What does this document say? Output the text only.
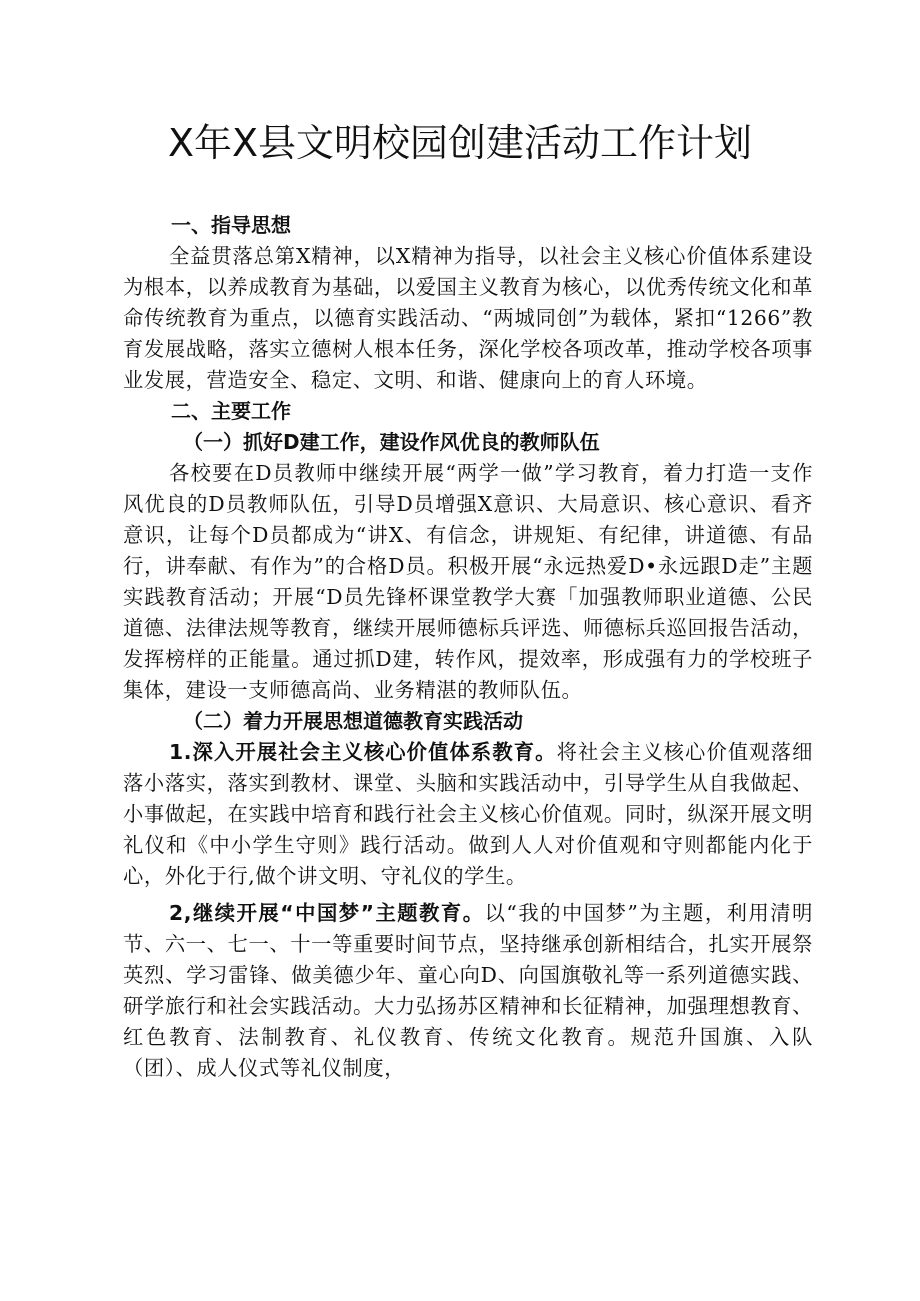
X年X县文明校园创建活动工作计划
一、指导思想
全益贯落总第X精神，以X精神为指导，以社会主义核心价值体系建设为根本，以养成教育为基础，以爱国主义教育为核心，以优秀传统文化和革命传统教育为重点，以德育实践活动、“两城同创”为载体，紧扣“1266”教育发展战略，落实立德树人根本任务，深化学校各项改革，推动学校各项事业发展，营造安全、稳定、文明、和谐、健康向上的育人环境。
二、主要工作
（一）抓好D建工作，建设作风优良的教师队伍
各校要在D员教师中继续开展“两学一做”学习教育，着力打造一支作风优良的D员教师队伍，引导D员增强X意识、大局意识、核心意识、看齐意识，让每个D员都成为“讲X、有信念，讲规矩、有纪律，讲道德、有品行，讲奉献、有作为”的合格D员。积极开展“永远热爱D•永远跟D走”主题实践教育活动；开展“D员先锋杯课堂教学大赛「加强教师职业道德、公民道德、法律法规等教育，继续开展师德标兵评选、师德标兵巡回报告活动，发挥榜样的正能量。通过抓D建，转作风，提效率，形成强有力的学校班子集体，建设一支师德高尚、业务精湛的教师队伍。
（二）着力开展思想道德教育实践活动
1.深入开展社会主义核心价值体系教育。将社会主义核心价值观落细落小落实，落实到教材、课堂、头脑和实践活动中，引导学生从自我做起、小事做起，在实践中培育和践行社会主义核心价值观。同时，纵深开展文明礼仪和《中小学生守则》践行活动。做到人人对价值观和守则都能内化于心，外化于行,做个讲文明、守礼仪的学生。
2,继续开展“中国梦”主题教育。以“我的中国梦”为主题，利用清明节、六一、七一、十一等重要时间节点，坚持继承创新相结合，扎实开展祭英烈、学习雷锋、做美德少年、童心向D、向国旗敬礼等一系列道德实践、研学旅行和社会实践活动。大力弘扬苏区精神和长征精神，加强理想教育、红色教育、法制教育、礼仪教育、传统文化教育。规范升国旗、入队（团）、成人仪式等礼仪制度，
